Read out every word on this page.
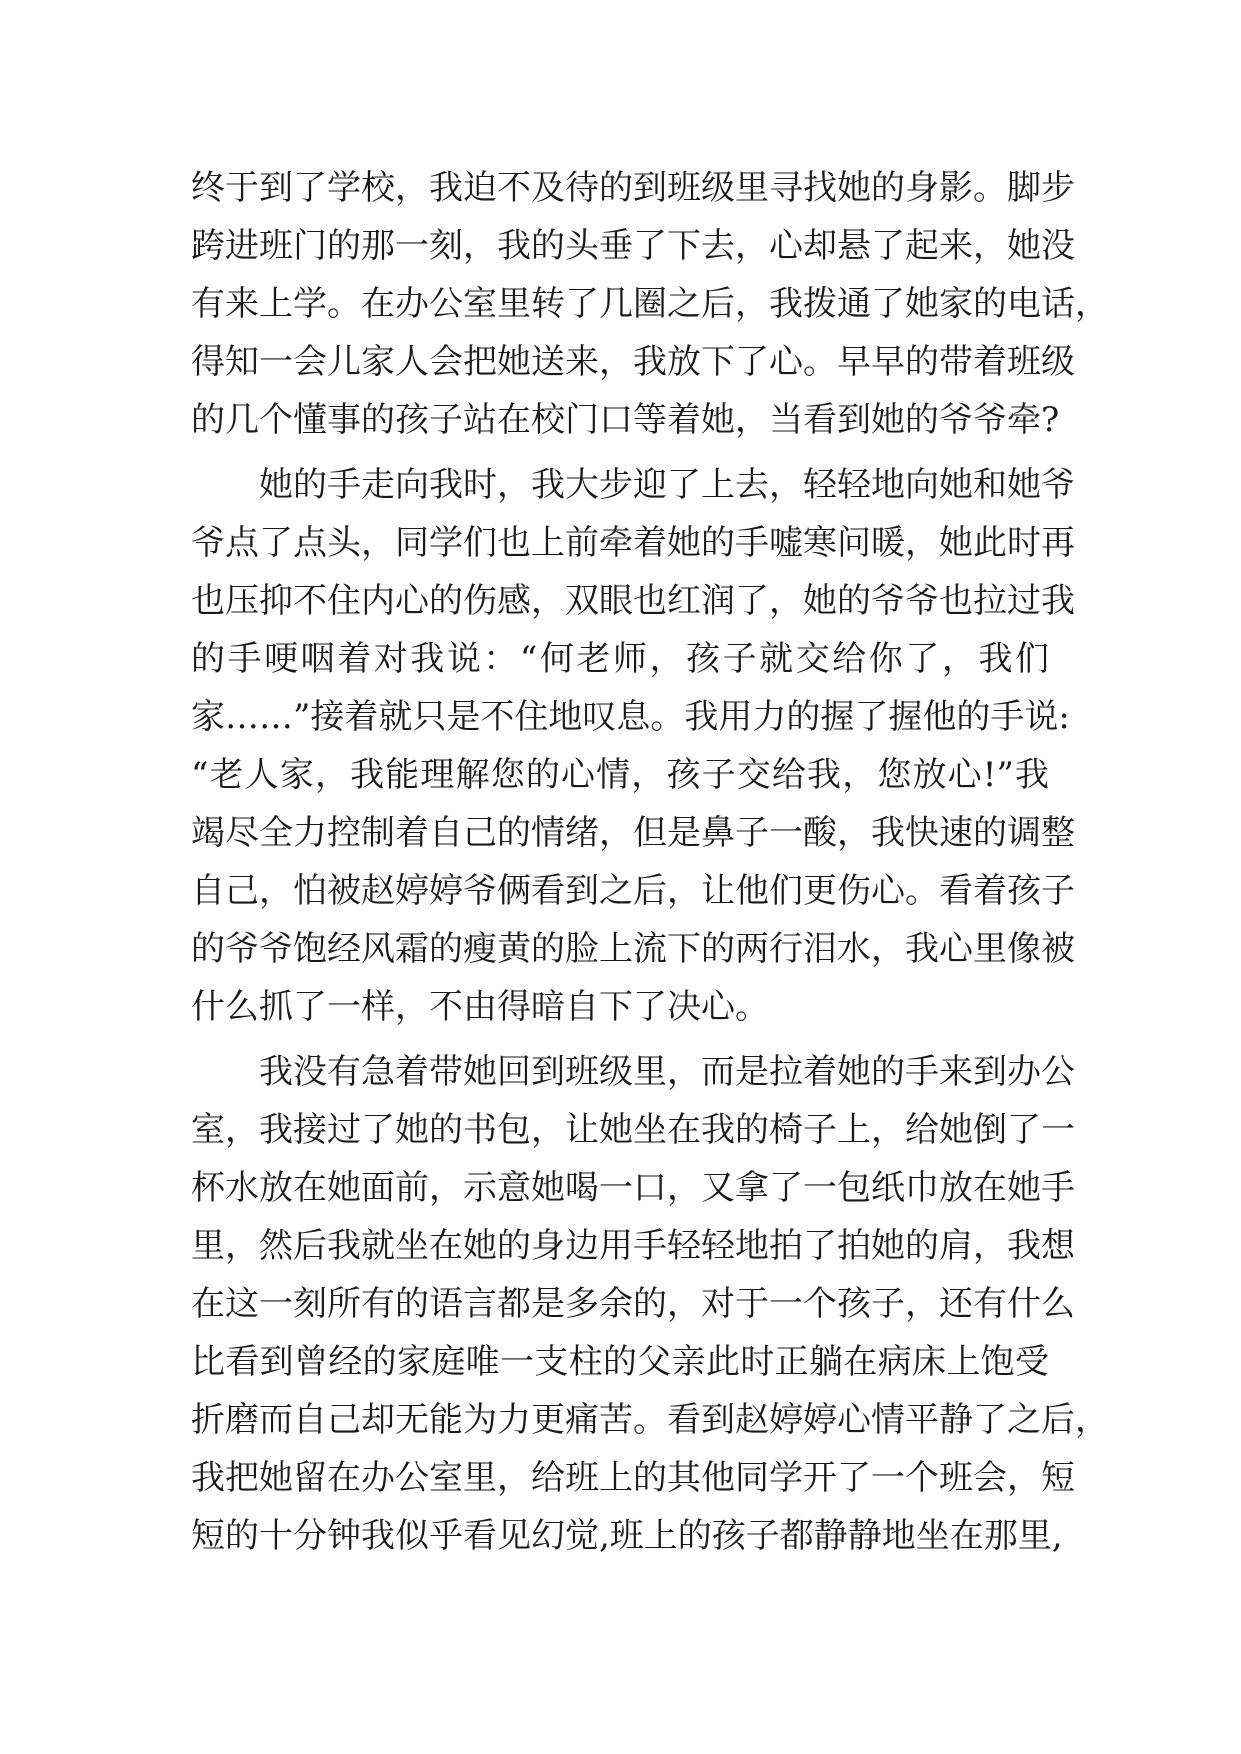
终于到了学校，我迫不及待的到班级里寻找她的身影。脚步
跨进班门的那一刻，我的头垂了下去，心却悬了起来，她没
有来上学。在办公室里转了几圈之后，我拨通了她家的电话，
得知一会儿家人会把她送来，我放下了心。早早的带着班级
的几个懂事的孩子站在校门口等着她，当看到她的爷爷牵?
她的手走向我时，我大步迎了上去，轻轻地向她和她爷
爷点了点头，同学们也上前牵着她的手嘘寒问暖，她此时再
也压抑不住内心的伤感，双眼也红润了，她的爷爷也拉过我
的手哽咽着对我说：“何老师，孩子就交给你了，我们
家……”接着就只是不住地叹息。我用力的握了握他的手说:
“老人家，我能理解您的心情，孩子交给我，您放心!”我
竭尽全力控制着自己的情绪，但是鼻子一酸，我快速的调整
自己，怕被赵婷婷爷俩看到之后，让他们更伤心。看着孩子
的爷爷饱经风霜的瘦黄的脸上流下的两行泪水，我心里像被
什么抓了一样，不由得暗自下了决心。
我没有急着带她回到班级里，而是拉着她的手来到办公
室，我接过了她的书包，让她坐在我的椅子上，给她倒了一
杯水放在她面前，示意她喝一口，又拿了一包纸巾放在她手
里，然后我就坐在她的身边用手轻轻地拍了拍她的肩，我想
在这一刻所有的语言都是多余的，对于一个孩子，还有什么
比看到曾经的家庭唯一支柱的父亲此时正躺在病床上饱受
折磨而自己却无能为力更痛苦。看到赵婷婷心情平静了之后，
我把她留在办公室里，给班上的其他同学开了一个班会，短
短的十分钟我似乎看见幻觉,班上的孩子都静静地坐在那里,
